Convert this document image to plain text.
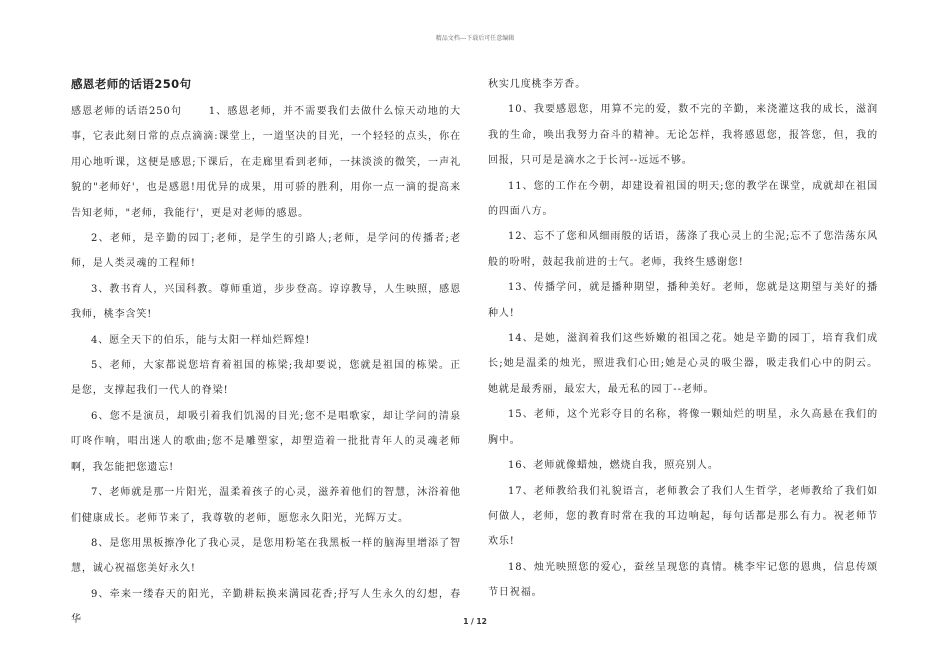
精品文档---下载后可任意编辑
感恩老师的话语250句

感恩老师的话语250句　　 1、感恩老师，并不需要我们去做什么惊天动地的大事，它表此刻日常的点点滴滴:课堂上，一道坚决的目光，一个轻轻的点头，你在用心地听课，这便是感恩;下课后，在走廊里看到老师，一抹淡淡的微笑，一声礼貌的"老师好'，也是感恩!用优异的成果，用可骄的胜利，用你一点一滴的提高来告知老师，"老师，我能行'，更是对老师的感恩。

2、老师，是辛勤的园丁;老师，是学生的引路人;老师，是学问的传播者;老师，是人类灵魂的工程师!

3、教书育人，兴国科教。尊师重道，步步登高。谆谆教导，人生映照，感恩我师，桃李含笑!

4、愿全天下的伯乐，能与太阳一样灿烂辉煌!

5、老师，大家都说您培育着祖国的栋梁;我却要说，您就是祖国的栋梁。正是您，支撑起我们一代人的脊梁!

6、您不是演员，却吸引着我们饥渴的目光;您不是唱歌家，却让学问的清泉叮咚作响，唱出迷人的歌曲;您不是雕塑家，却塑造着一批批青年人的灵魂老师啊，我怎能把您遗忘!

7、老师就是那一片阳光，温柔着孩子的心灵，滋养着他们的智慧，沐浴着他们健康成长。老师节来了，我尊敬的老师，愿您永久阳光，光辉万丈。

8、是您用黑板擦净化了我心灵，是您用粉笔在我黑板一样的脑海里增添了智慧，诚心祝福您美好永久!

9、牵来一缕春天的阳光，辛勤耕耘换来满园花香;抒写人生永久的幻想，春华

秋实几度桃李芳香。

10、我要感恩您，用算不完的爱，数不完的辛勤，来浇灌这我的成长，滋润我的生命，唤出我努力奋斗的精神。无论怎样，我将感恩您，报答您，但，我的回报，只可是是滴水之于长河--远远不够。

11、您的工作在今朝，却建设着祖国的明天;您的教学在课堂，成就却在祖国的四面八方。

12、忘不了您和风细雨般的话语，荡涤了我心灵上的尘泥;忘不了您浩荡东风般的吩咐，鼓起我前进的士气。老师，我终生感谢您!

13、传播学问，就是播种期望，播种美好。老师，您就是这期望与美好的播种人!

14、是她，滋润着我们这些娇嫩的祖国之花。她是辛勤的园丁，培育我们成长;她是温柔的烛光，照进我们心田;她是心灵的吸尘器，吸走我们心中的阴云。她就是最秀丽，最宏大，最无私的园丁--老师。

15、老师，这个光彩夺目的名称，将像一颗灿烂的明星，永久高悬在我们的胸中。

16、老师就像蜡烛，燃烧自我，照亮别人。

17、老师教给我们礼貌语言，老师教会了我们人生哲学，老师教给了我们如何做人，老师，您的教育时常在我的耳边响起，每句话都是那么有力。祝老师节欢乐!

18、烛光映照您的爱心，蚕丝呈现您的真情。桃李牢记您的恩典，信息传颂节日祝福。

1 / 12
